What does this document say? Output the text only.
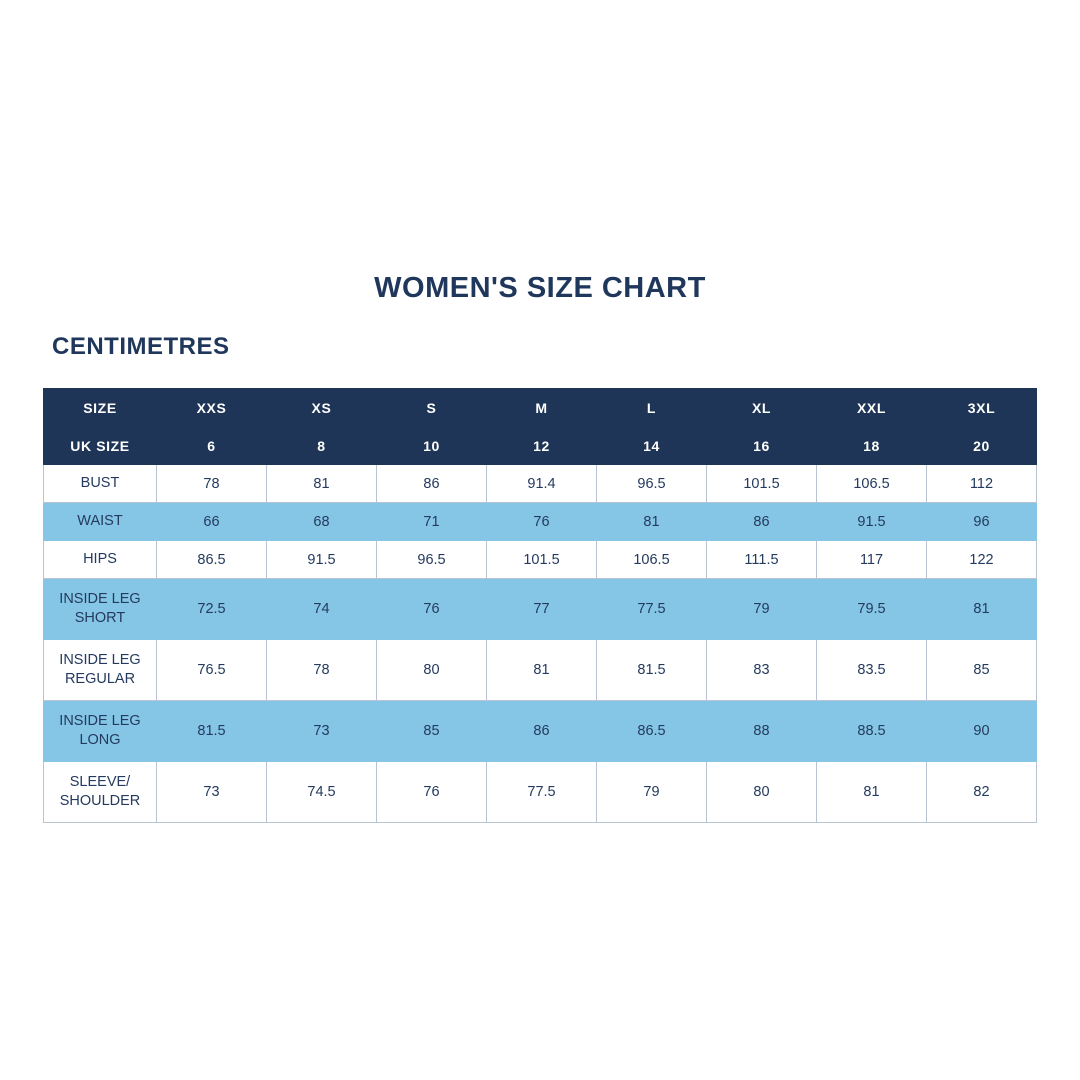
WOMEN'S SIZE CHART
CENTIMETRES
SIZE	XXS	XS	S	M	L	XL	XXL	3XL
UK SIZE	6	8	10	12	14	16	18	20
BUST	78	81	86	91.4	96.5	101.5	106.5	112
WAIST	66	68	71	76	81	86	91.5	96
HIPS	86.5	91.5	96.5	101.5	106.5	111.5	117	122

INSIDE LEG
SHORT	72.5	74	76	77	77.5	79	79.5	81

INSIDE LEG
REGULAR	76.5	78	80	81	81.5	83	83.5	85

INSIDE LEG
LONG	81.5	73	85	86	86.5	88	88.5	90

SLEEVE/
SHOULDER	73	74.5	76	77.5	79	80	81	82
